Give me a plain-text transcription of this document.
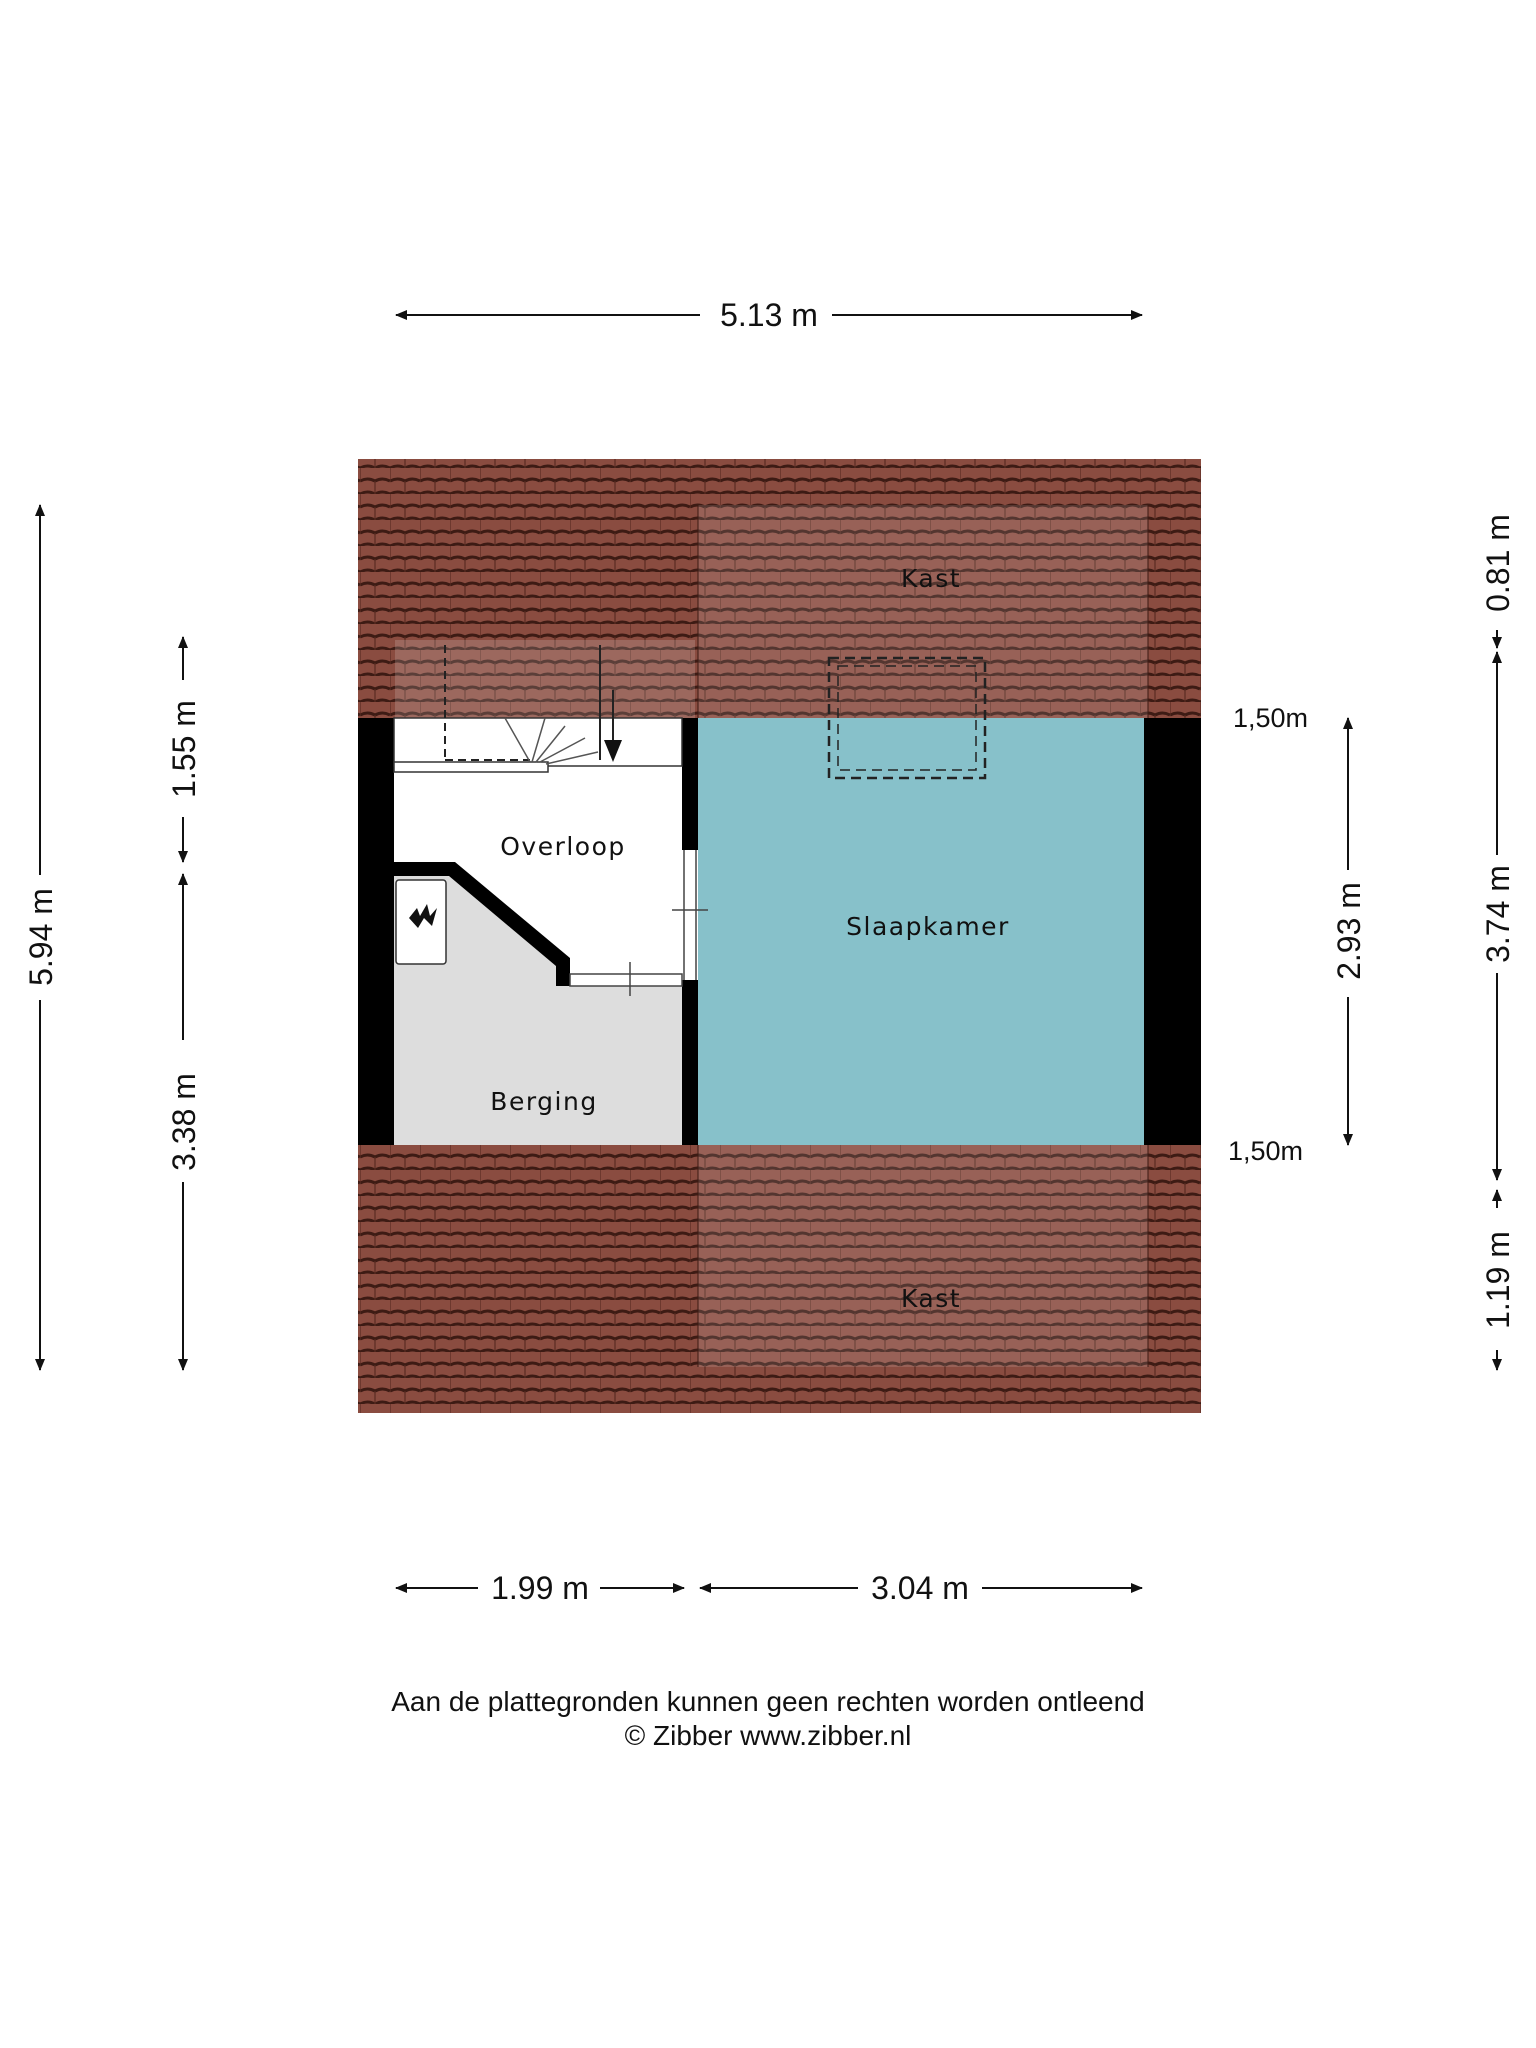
Kast
Kast
Overloop
Slaapkamer
Berging
5.13 m
1.99 m	3.04 m
5.94 m
1.55 m
3.38 m
0.81 m
3.74 m
1.19 m
2.93 m
1,50m
1,50m
Aan de plattegronden kunnen geen rechten worden ontleend
© Zibber www.zibber.nl
